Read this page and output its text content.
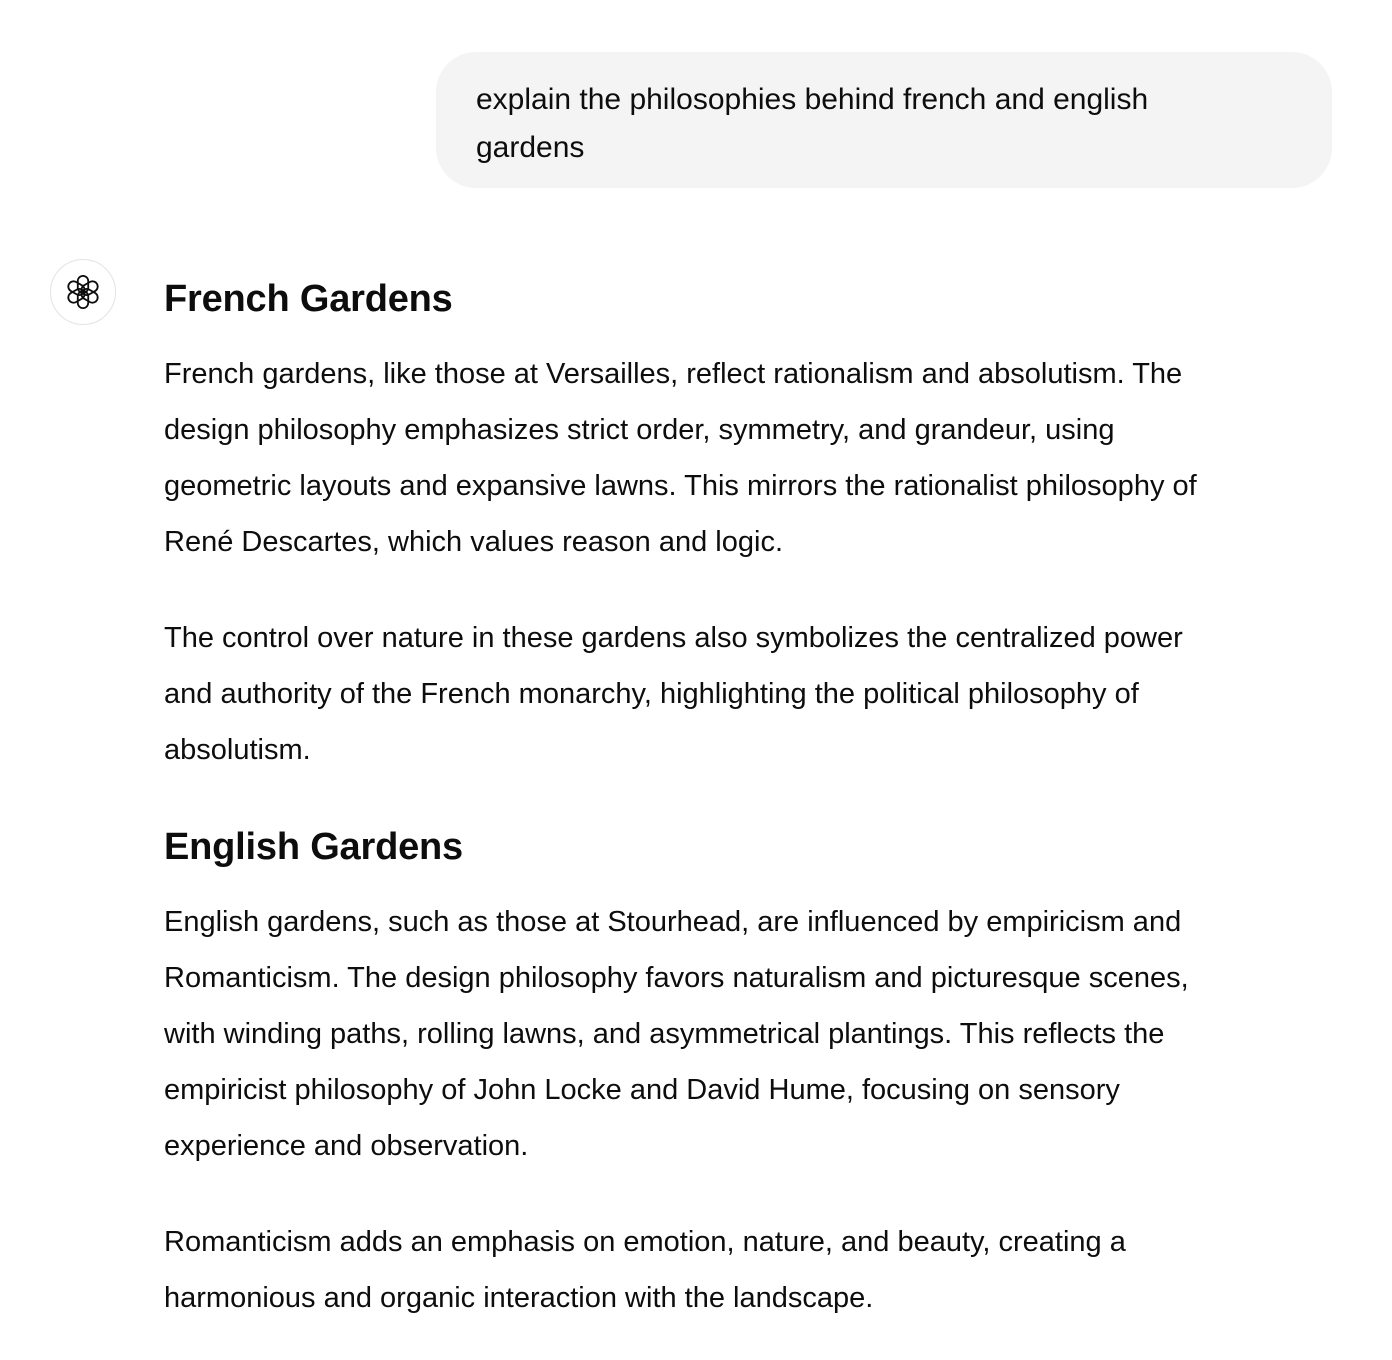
explain the philosophies behind french and english
gardens
French Gardens

French gardens, like those at Versailles, reflect rationalism and absolutism. The
design philosophy emphasizes strict order, symmetry, and grandeur, using
geometric layouts and expansive lawns. This mirrors the rationalist philosophy of
René Descartes, which values reason and logic.

The control over nature in these gardens also symbolizes the centralized power
and authority of the French monarchy, highlighting the political philosophy of
absolutism.

English Gardens

English gardens, such as those at Stourhead, are influenced by empiricism and
Romanticism. The design philosophy favors naturalism and picturesque scenes,
with winding paths, rolling lawns, and asymmetrical plantings. This reflects the
empiricist philosophy of John Locke and David Hume, focusing on sensory
experience and observation.

Romanticism adds an emphasis on emotion, nature, and beauty, creating a
harmonious and organic interaction with the landscape.
